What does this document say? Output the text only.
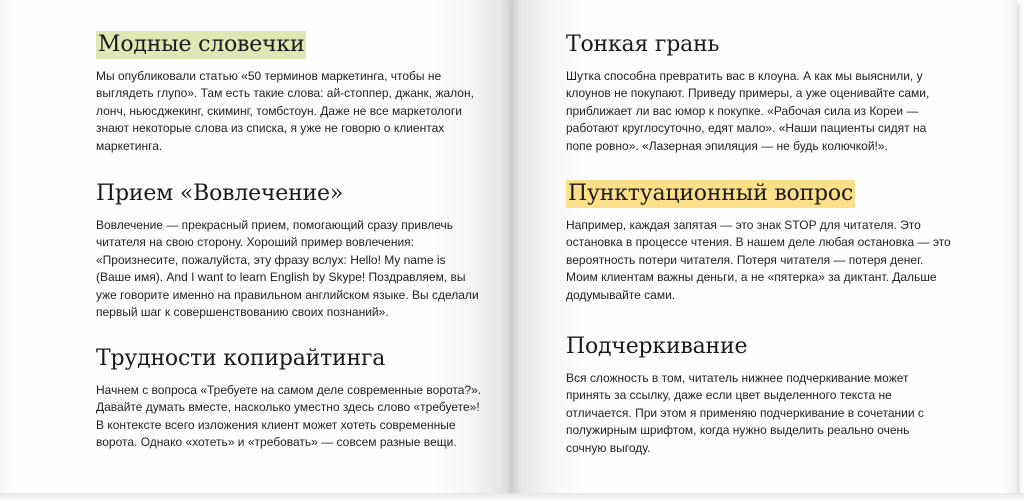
Модные словечки

Мы опубликовали статью «50 терминов маркетинга, чтобы не
выглядеть глупо». Там есть такие слова: ай-стоппер, джанк, жалон,
лонч, ньюсджекинг, скиминг, томбстоун. Даже не все маркетологи
знают некоторые слова из списка, я уже не говорю о клиентах
маркетинга.

Прием «Вовлечение»

Вовлечение — прекрасный прием, помогающий сразу привлечь
читателя на свою сторону. Хороший пример вовлечения:
«Произнесите, пожалуйста, эту фразу вслух: Hello! My name is
(Ваше имя). And I want to learn English by Skype! Поздравляем, вы
уже говорите именно на правильном английском языке. Вы сделали
первый шаг к совершенствованию своих познаний».

Трудности копирайтинга

Начнем с вопроса «Требуете на самом деле современные ворота?».
Давайте думать вместе, насколько уместно здесь слово «требуете»!
В контексте всего изложения клиент может хотеть современные
ворота. Однако «хотеть» и «требовать» — совсем разные вещи.

Тонкая грань

Шутка способна превратить вас в клоуна. А как мы выяснили, у
клоунов не покупают. Приведу примеры, а уже оценивайте сами,
приближает ли вас юмор к покупке. «Рабочая сила из Кореи —
работают круглосуточно, едят мало». «Наши пациенты сидят на
попе ровно». «Лазерная эпиляция — не будь колючкой!».

Пунктуационный вопрос

Например, каждая запятая — это знак STOP для читателя. Это
остановка в процессе чтения. В нашем деле любая остановка — это
вероятность потери читателя. Потеря читателя — потеря денег.
Моим клиентам важны деньги, а не «пятерка» за диктант. Дальше
додумывайте сами.

Подчеркивание

Вся сложность в том, читатель нижнее подчеркивание может
принять за ссылку, даже если цвет выделенного текста не
отличается. При этом я применяю подчеркивание в сочетании с
полужирным шрифтом, когда нужно выделить реально очень
сочную выгоду.
